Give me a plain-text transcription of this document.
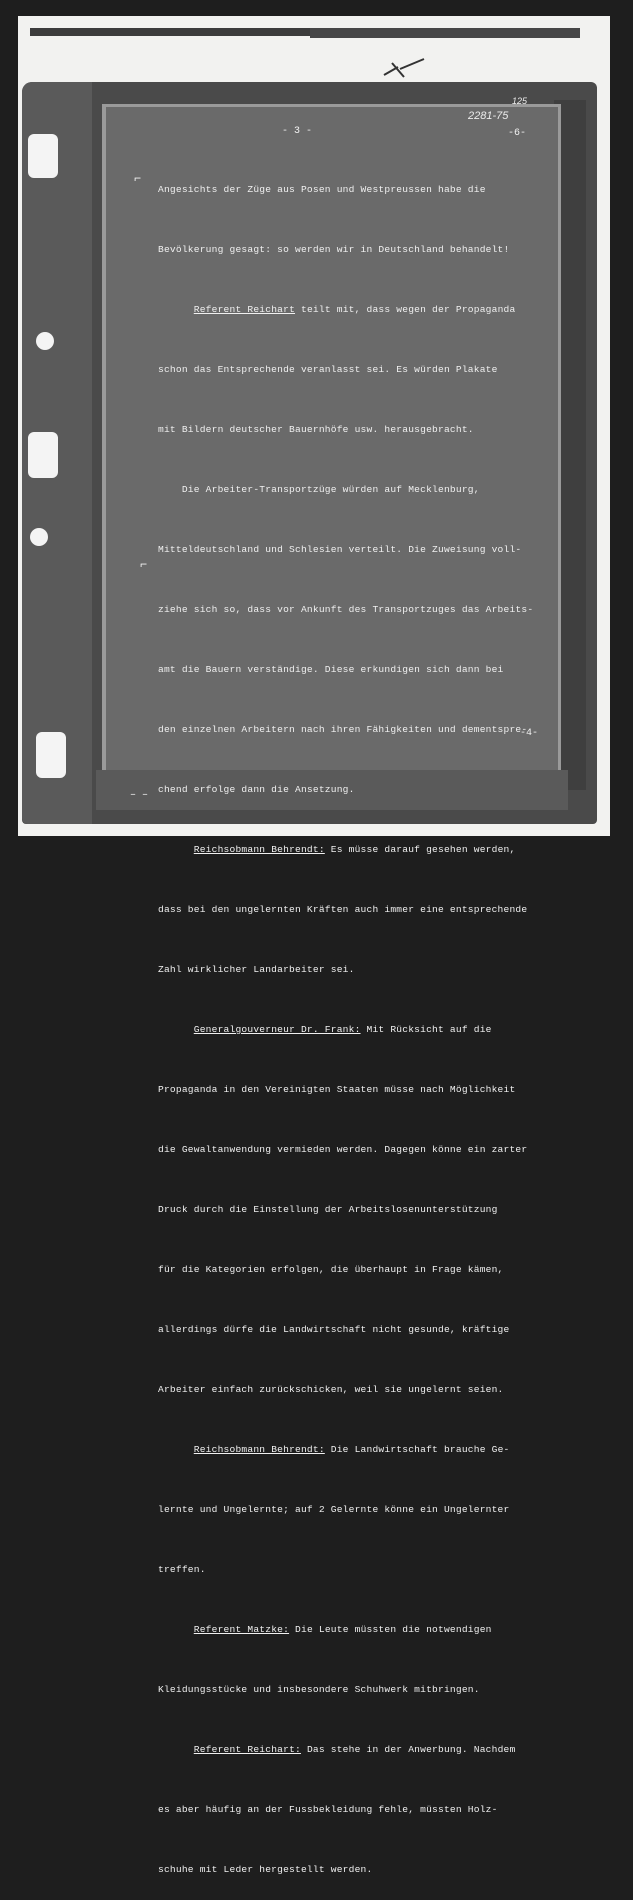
- 3 -
2281-75
125
-6-

Angesichts der Züge aus Posen und Westpreussen habe die

Bevölkerung gesagt: so werden wir in Deutschland behandelt!

Referent Reichart teilt mit, dass wegen der Propaganda

schon das Entsprechende veranlasst sei. Es würden Plakate

mit Bildern deutscher Bauernhöfe usw. herausgebracht.

Die Arbeiter-Transportzüge würden auf Mecklenburg,

Mitteldeutschland und Schlesien verteilt. Die Zuweisung voll-

ziehe sich so, dass vor Ankunft des Transportzuges das Arbeits-

amt die Bauern verständige. Diese erkundigen sich dann bei

den einzelnen Arbeitern nach ihren Fähigkeiten und dementspre-

chend erfolge dann die Ansetzung.

Reichsobmann Behrendt: Es müsse darauf gesehen werden,

dass bei den ungelernten Kräften auch immer eine entsprechende

Zahl wirklicher Landarbeiter sei.

Generalgouverneur Dr. Frank: Mit Rücksicht auf die

Propaganda in den Vereinigten Staaten müsse nach Möglichkeit

die Gewaltanwendung vermieden werden. Dagegen könne ein zarter

Druck durch die Einstellung der Arbeitslosenunterstützung

für die Kategorien erfolgen, die überhaupt in Frage kämen,

allerdings dürfe die Landwirtschaft nicht gesunde, kräftige

Arbeiter einfach zurückschicken, weil sie ungelernt seien.

Reichsobmann Behrendt: Die Landwirtschaft brauche Ge-

lernte und Ungelernte; auf 2 Gelernte könne ein Ungelernter

treffen.

Referent Matzke: Die Leute müssten die notwendigen

Kleidungsstücke und insbesondere Schuhwerk mitbringen.

Referent Reichart: Das stehe in der Anwerbung. Nachdem

es aber häufig an der Fussbekleidung fehle, müssten Holz-

schuhe mit Leder hergestellt werden.

-4-
⌐
⌐
‒ ‒
